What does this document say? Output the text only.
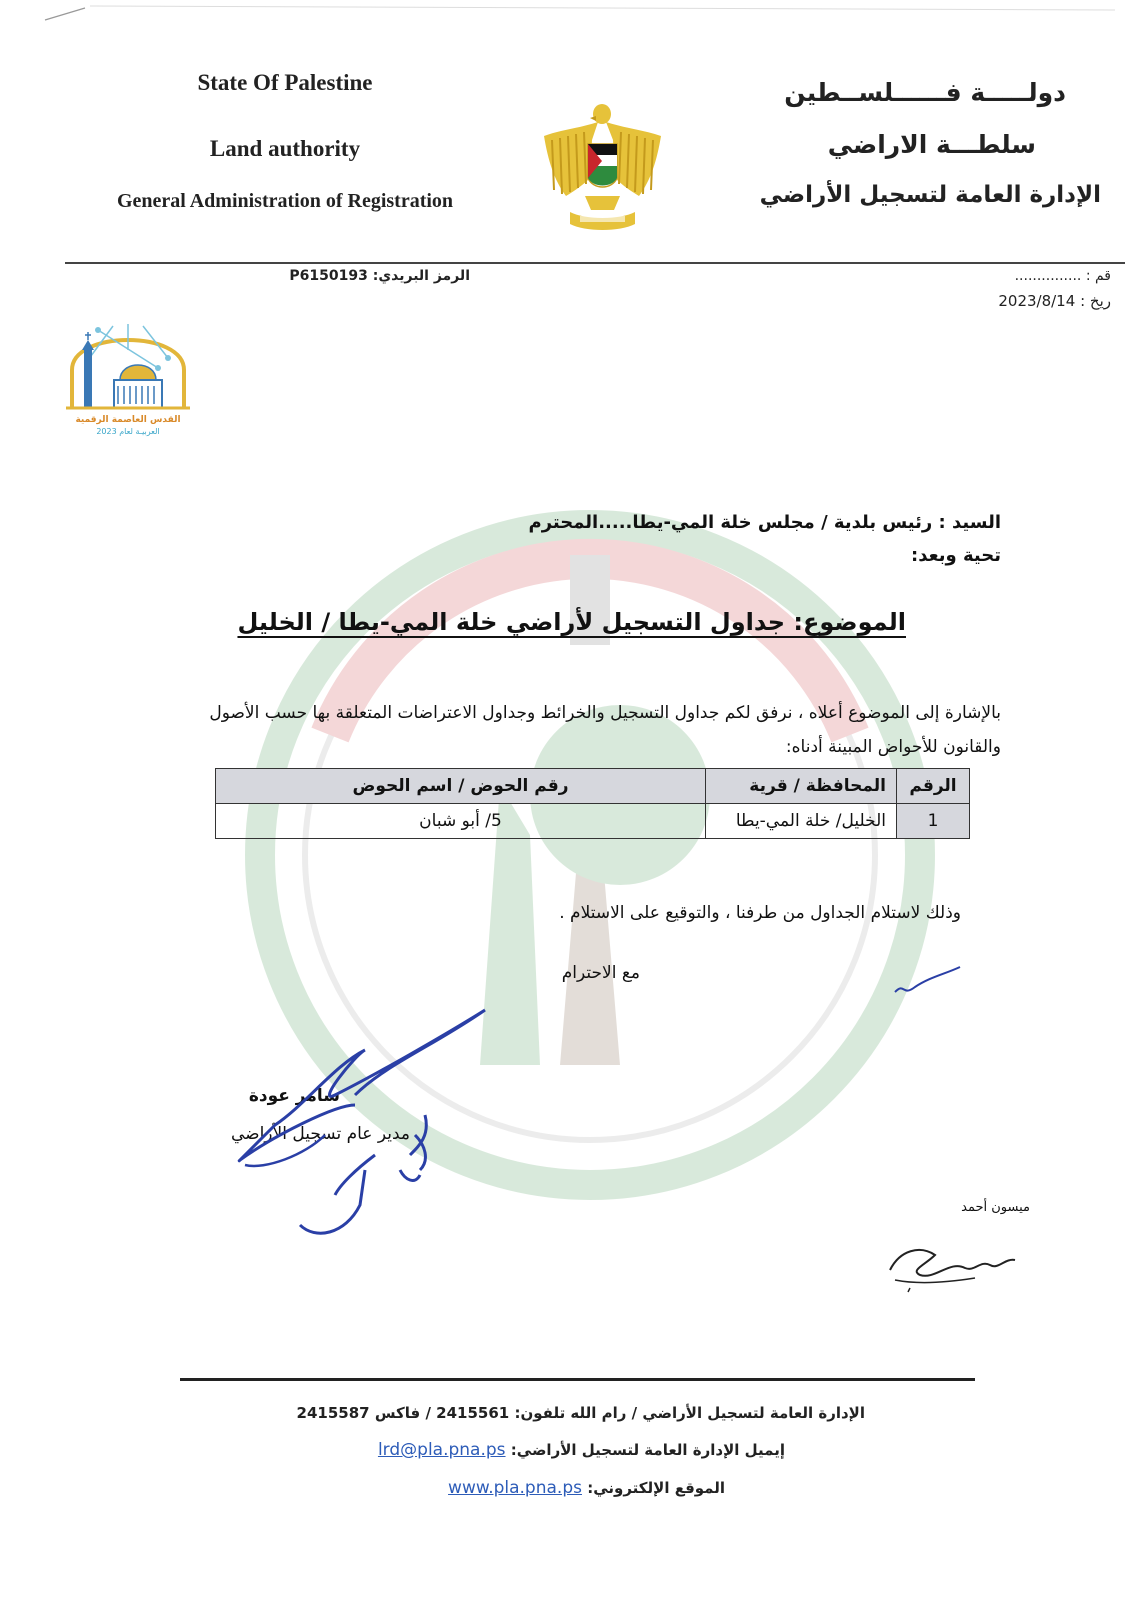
State Of Palestine
Land authority
General Administration of Registration
دولـــــة فــــــلســطين
سلطـــة الاراضي
الإدارة العامة لتسجيل الأراضي
الرمز البريدي: P6150193	قم : ...............
ريخ : 2023/8/14
القدس العاصمة الرقمية
العربيـة لعام 2023
السيد : رئيس بلدية / مجلس خلة المي-يطا.....المحترم
تحية وبعد:
الموضوع: جداول التسجيل لأراضي خلة المي-يطا / الخليل
بالإشارة إلى الموضوع أعلاه ، نرفق لكم جداول التسجيل والخرائط وجداول الاعتراضات المتعلقة بها حسب الأصول والقانون للأحواض المبينة أدناه:
الرقم	المحافظة / قرية	رقم الحوض / اسم الحوض
1	الخليل/ خلة المي-يطا	5/ أبو شبان
وذلك لاستلام الجداول من طرفنا ، والتوقيع على الاستلام .
مع الاحترام
سامر عودة
مدير عام تسجيل الأراضي
ميسون أحمد
الإدارة العامة لتسجيل الأراضي / رام الله تلفون: 2415561 / فاكس 2415587
إيميل الإدارة العامة لتسجيل الأراضي: lrd@pla.pna.ps
الموقع الإلكتروني: www.pla.pna.ps
